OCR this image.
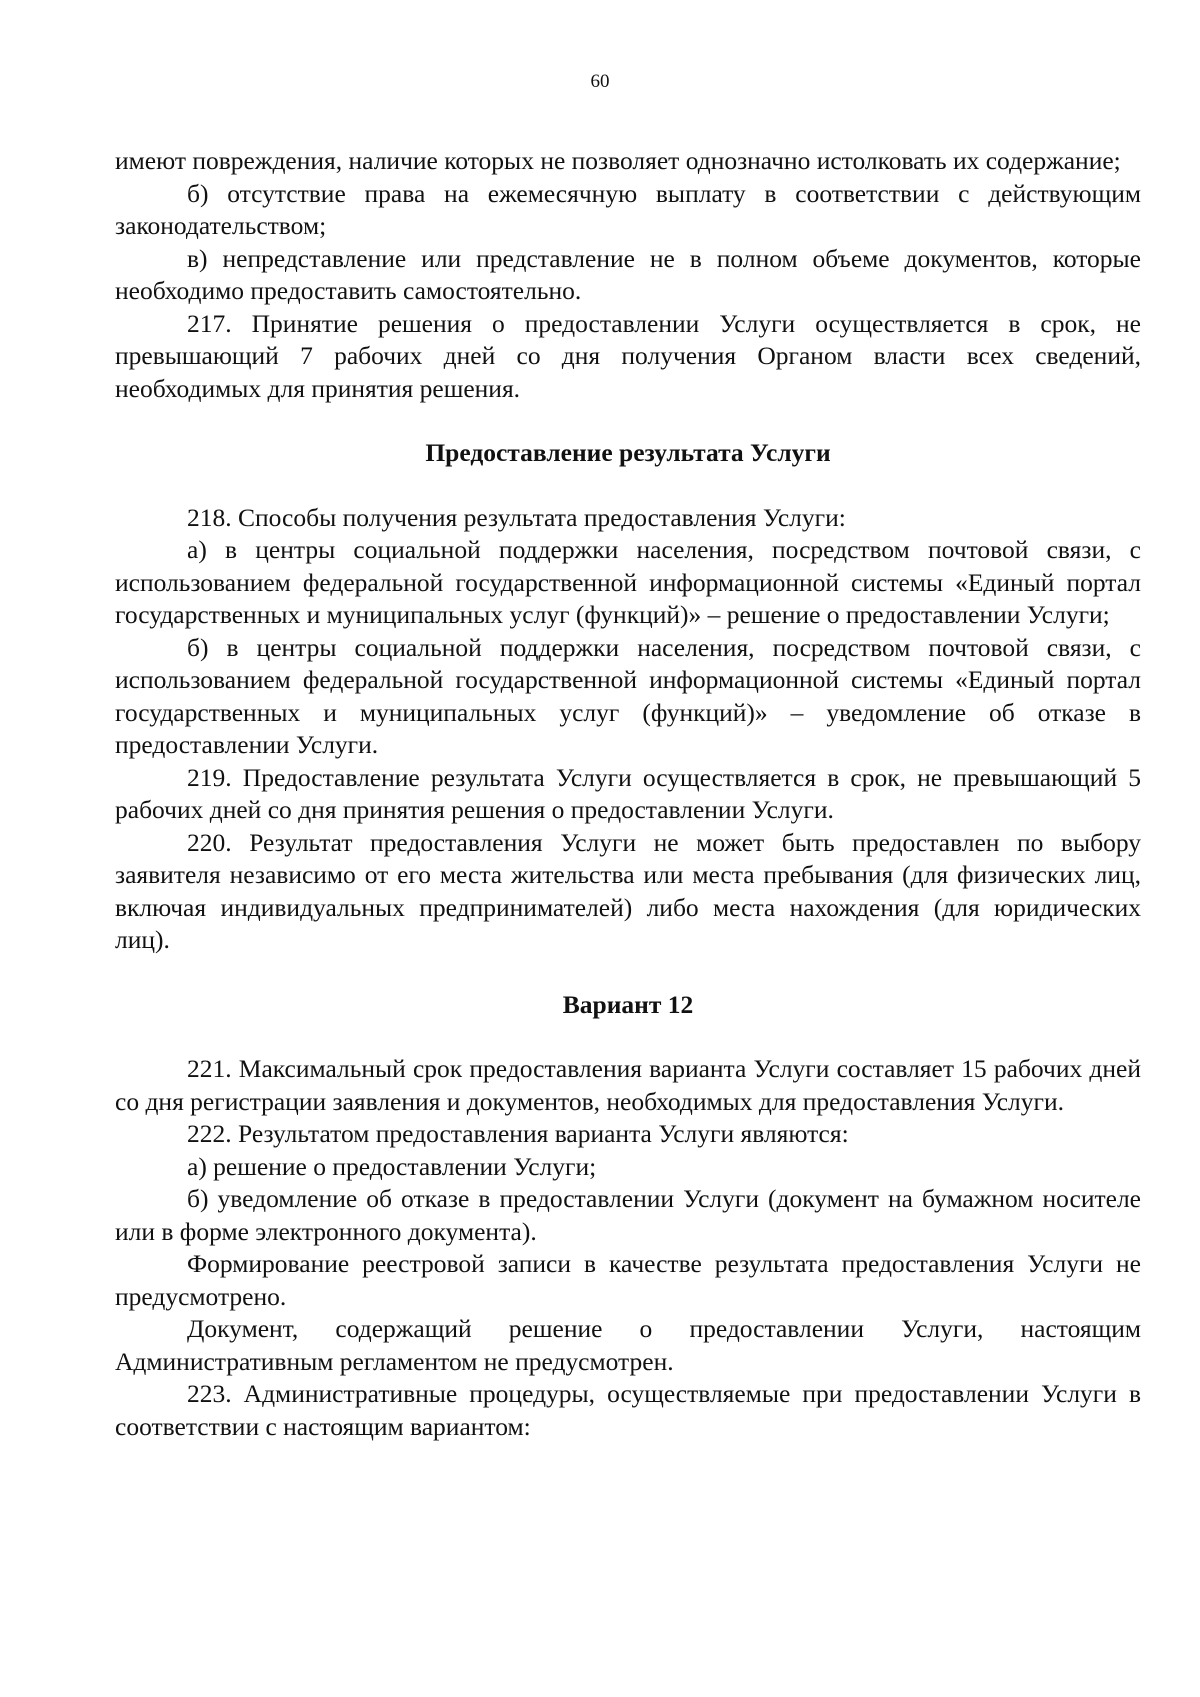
60

имеют повреждения, наличие которых не позволяет однозначно истолковать их содержание;

б) отсутствие права на ежемесячную выплату в соответствии с действующим законодательством;

в) непредставление или представление не в полном объеме документов, которые необходимо предоставить самостоятельно.

217. Принятие решения о предоставлении Услуги осуществляется в срок, не превышающий 7 рабочих дней со дня получения Органом власти всех сведений, необходимых для принятия решения.

Предоставление результата Услуги

218. Способы получения результата предоставления Услуги:

а) в центры социальной поддержки населения, посредством почтовой связи, с использованием федеральной государственной информационной системы «Единый портал государственных и муниципальных услуг (функций)» – решение о предоставлении Услуги;

б) в центры социальной поддержки населения, посредством почтовой связи, с использованием федеральной государственной информационной системы «Единый портал государственных и муниципальных услуг (функций)» – уведомление об отказе в предоставлении Услуги.

219. Предоставление результата Услуги осуществляется в срок, не превышающий 5 рабочих дней со дня принятия решения о предоставлении Услуги.

220. Результат предоставления Услуги не может быть предоставлен по выбору заявителя независимо от его места жительства или места пребывания (для физических лиц, включая индивидуальных предпринимателей) либо места нахождения (для юридических лиц).

Вариант 12

221. Максимальный срок предоставления варианта Услуги составляет 15 рабочих дней со дня регистрации заявления и документов, необходимых для предоставления Услуги.

222. Результатом предоставления варианта Услуги являются:

а) решение о предоставлении Услуги;

б) уведомление об отказе в предоставлении Услуги (документ на бумажном носителе или в форме электронного документа).

Формирование реестровой записи в качестве результата предоставления Услуги не предусмотрено.

Документ, содержащий решение о предоставлении Услуги, настоящим Административным регламентом не предусмотрен.

223. Административные процедуры, осуществляемые при предоставлении Услуги в соответствии с настоящим вариантом:
